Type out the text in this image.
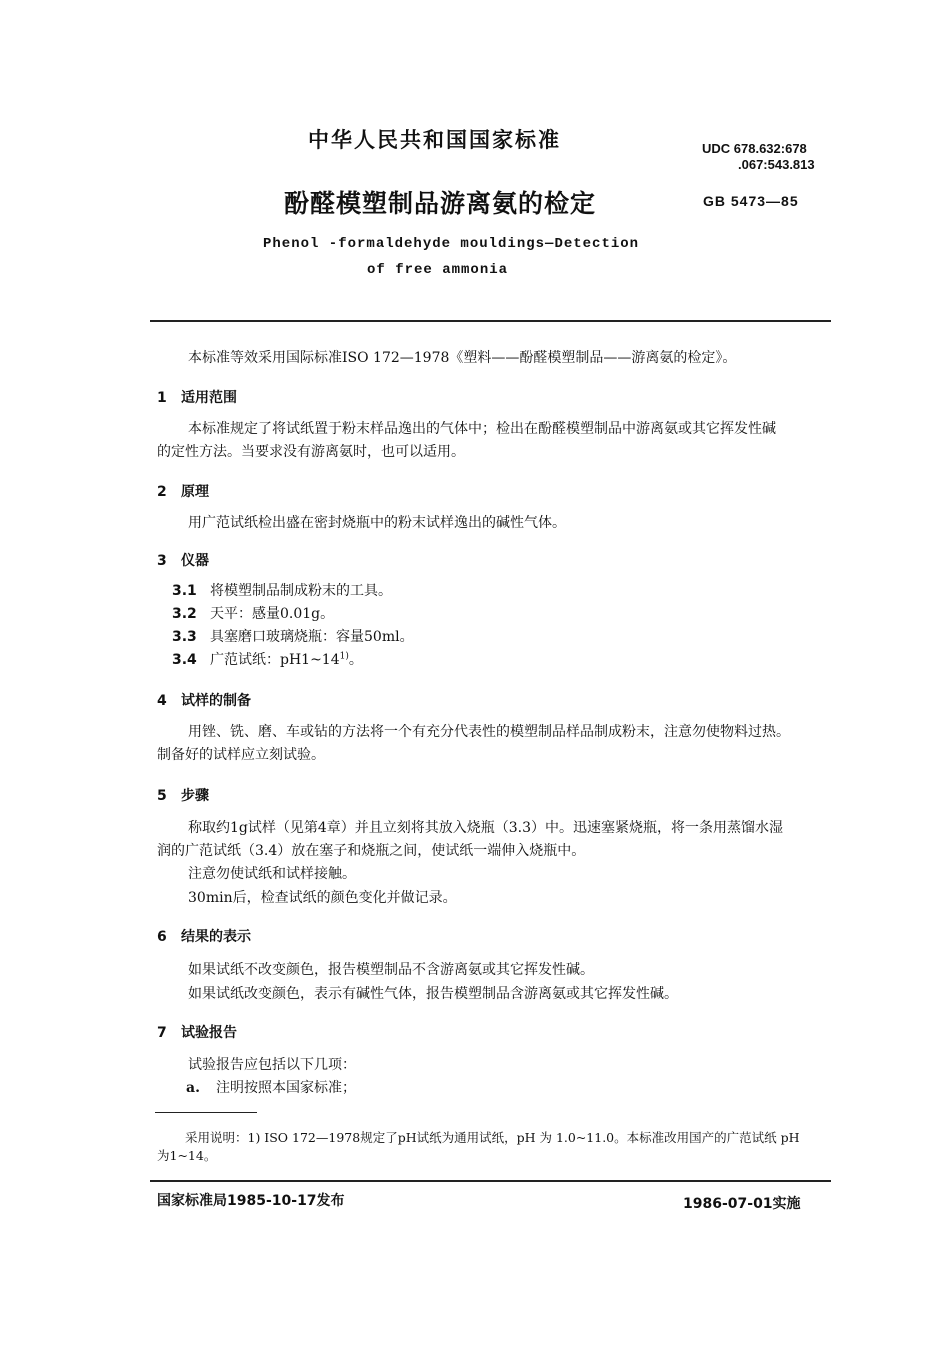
中华人民共和国国家标准	UDC 678.632:678
.067:543.813
酚醛模塑制品游离氨的检定	GB 5473—85
Phenol -formaldehyde mouldings—Detection
of free ammonia
本标准等效采用国际标准ISO 172—1978《塑料——酚醛模塑制品——游离氨的检定》。
1 适用范围
本标准规定了将试纸置于粉末样品逸出的气体中；检出在酚醛模塑制品中游离氨或其它挥发性碱
的定性方法。当要求没有游离氨时，也可以适用。
2 原理
用广范试纸检出盛在密封烧瓶中的粉末试样逸出的碱性气体。
3 仪器
3.1 将模塑制品制成粉末的工具。
3.2 天平：感量0.01g。
3.3 具塞磨口玻璃烧瓶：容量50ml。
3.4 广范试纸：pH1~14$^{1)}$。
4 试样的制备
用锉、铣、磨、车或钻的方法将一个有充分代表性的模塑制品样品制成粉末，注意勿使物料过热。
制备好的试样应立刻试验。
5 步骤
称取约1g试样（见第4章）并且立刻将其放入烧瓶（3.3）中。迅速塞紧烧瓶，将一条用蒸馏水湿
润的广范试纸（3.4）放在塞子和烧瓶之间，使试纸一端伸入烧瓶中。
注意勿使试纸和试样接触。
30min后，检查试纸的颜色变化并做记录。
6 结果的表示
如果试纸不改变颜色，报告模塑制品不含游离氨或其它挥发性碱。
如果试纸改变颜色，表示有碱性气体，报告模塑制品含游离氨或其它挥发性碱。
7 试验报告
试验报告应包括以下几项：
a. 注明按照本国家标准；
采用说明：1) ISO 172—1978规定了pH试纸为通用试纸，pH 为 1.0~11.0。本标准改用国产的广范试纸 pH
为1~14。
国家标准局1985-10-17发布	1986-07-01实施
